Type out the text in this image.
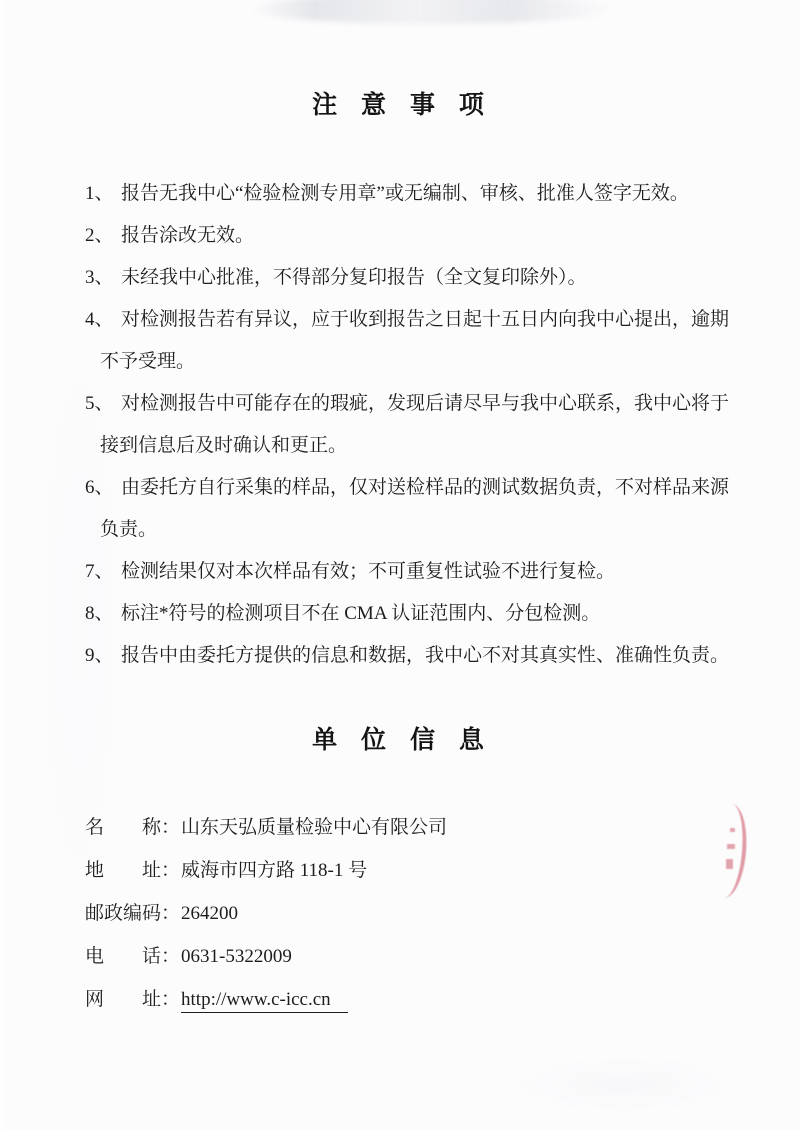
注 意 事 项
1、 报告无我中心“检验检测专用章”或无编制、审核、批准人签字无效。
2、 报告涂改无效。
3、 未经我中心批准，不得部分复印报告（全文复印除外）。
4、 对检测报告若有异议，应于收到报告之日起十五日内向我中心提出，逾期
不予受理。
5、 对检测报告中可能存在的瑕疵，发现后请尽早与我中心联系，我中心将于
接到信息后及时确认和更正。
6、 由委托方自行采集的样品，仅对送检样品的测试数据负责，不对样品来源
负责。
7、 检测结果仅对本次样品有效；不可重复性试验不进行复检。
8、 标注*符号的检测项目不在 CMA 认证范围内、分包检测。
9、 报告中由委托方提供的信息和数据，我中心不对其真实性、准确性负责。
单 位 信 息
名称：山东天弘质量检验中心有限公司
地址：威海市四方路 118-1 号
邮政编码：264200
电话：0631-5322009
网址：http://www.c-icc.cn
